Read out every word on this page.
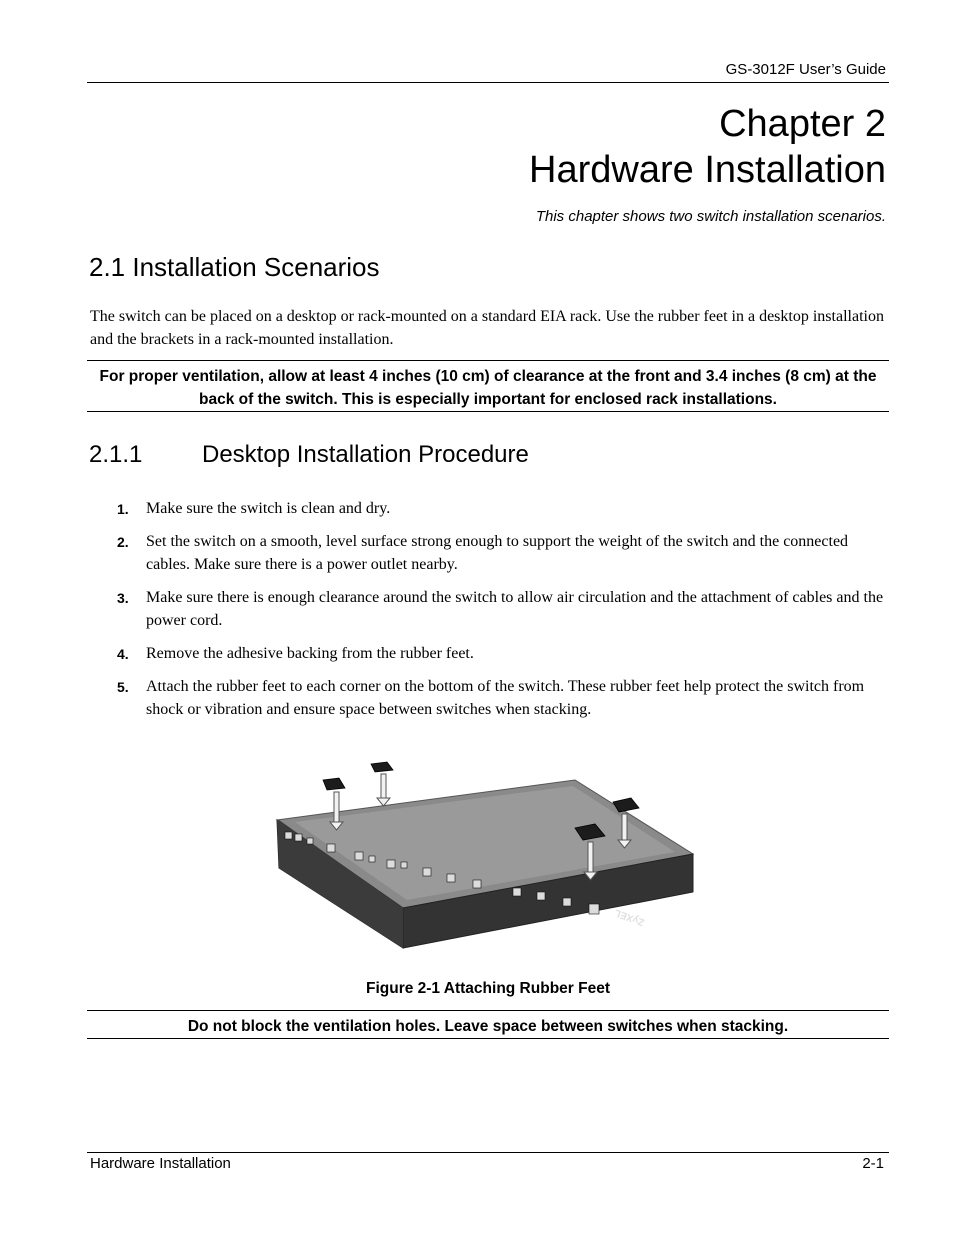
GS-3012F User’s Guide
Chapter 2
Hardware Installation
This chapter shows two switch installation scenarios.
2.1 Installation Scenarios
The switch can be placed on a desktop or rack-mounted on a standard EIA rack. Use the rubber feet in a desktop installation and the brackets in a rack-mounted installation.
For proper ventilation, allow at least 4 inches (10 cm) of clearance at the front and 3.4 inches (8 cm) at the back of the switch. This is especially important for enclosed rack installations.
2.1.1 Desktop Installation Procedure
1. Make sure the switch is clean and dry.
2. Set the switch on a smooth, level surface strong enough to support the weight of the switch and the connected cables. Make sure there is a power outlet nearby.
3. Make sure there is enough clearance around the switch to allow air circulation and the attachment of cables and the power cord.
4. Remove the adhesive backing from the rubber feet.
5. Attach the rubber feet to each corner on the bottom of the switch. These rubber feet help protect the switch from shock or vibration and ensure space between switches when stacking.
ZyXEL
Figure 2-1 Attaching Rubber Feet
Do not block the ventilation holes. Leave space between switches when stacking.
Hardware Installation	2-1
